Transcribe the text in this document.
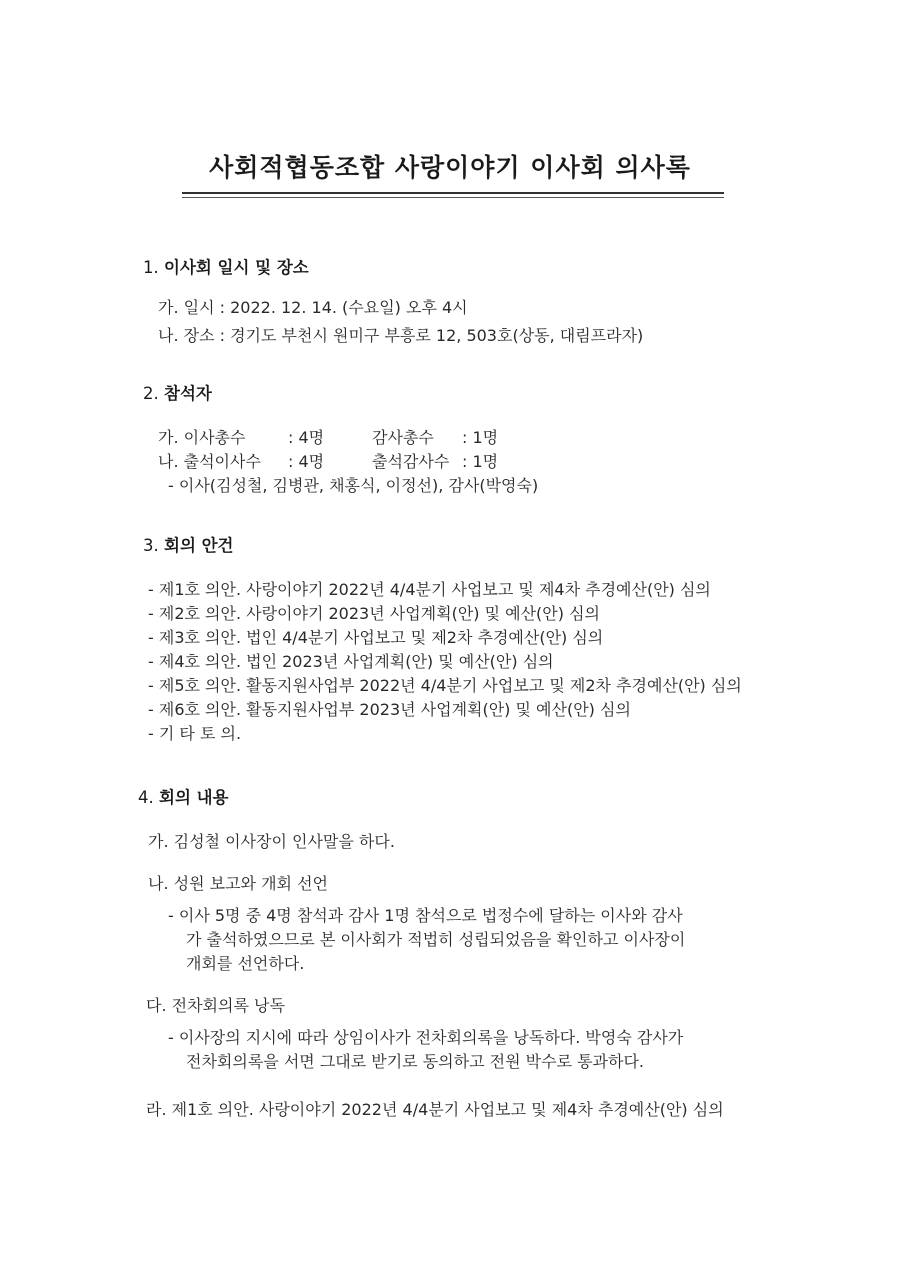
사회적협동조합 사랑이야기 이사회 의사록
1. 이사회 일시 및 장소
가. 일시 : 2022. 12. 14. (수요일) 오후 4시
나. 장소 : 경기도 부천시 원미구 부흥로 12, 503호(상동, 대림프라자)
2. 참석자
가. 이사총수	: 4명	감사총수 : 1명
나. 출석이사수 : 4명	출석감사수 : 1명
- 이사(김성철, 김병관, 채홍식, 이정선), 감사(박영숙)
3. 회의 안건
- 제1호 의안. 사랑이야기 2022년 4/4분기 사업보고 및 제4차 추경예산(안) 심의
- 제2호 의안. 사랑이야기 2023년 사업계획(안) 및 예산(안) 심의
- 제3호 의안. 법인 4/4분기 사업보고 및 제2차 추경예산(안) 심의
- 제4호 의안. 법인 2023년 사업계획(안) 및 예산(안) 심의
- 제5호 의안. 활동지원사업부 2022년 4/4분기 사업보고 및 제2차 추경예산(안) 심의
- 제6호 의안. 활동지원사업부 2023년 사업계획(안) 및 예산(안) 심의
- 기 타 토 의.
4. 회의 내용
가. 김성철 이사장이 인사말을 하다.
나. 성원 보고와 개회 선언
- 이사 5명 중 4명 참석과 감사 1명 참석으로 법정수에 달하는 이사와 감사
가 출석하였으므로 본 이사회가 적법히 성립되었음을 확인하고 이사장이
개회를 선언하다.
다. 전차회의록 낭독
- 이사장의 지시에 따라 상임이사가 전차회의록을 낭독하다. 박영숙 감사가
전차회의록을 서면 그대로 받기로 동의하고 전원 박수로 통과하다.
라. 제1호 의안. 사랑이야기 2022년 4/4분기 사업보고 및 제4차 추경예산(안) 심의
